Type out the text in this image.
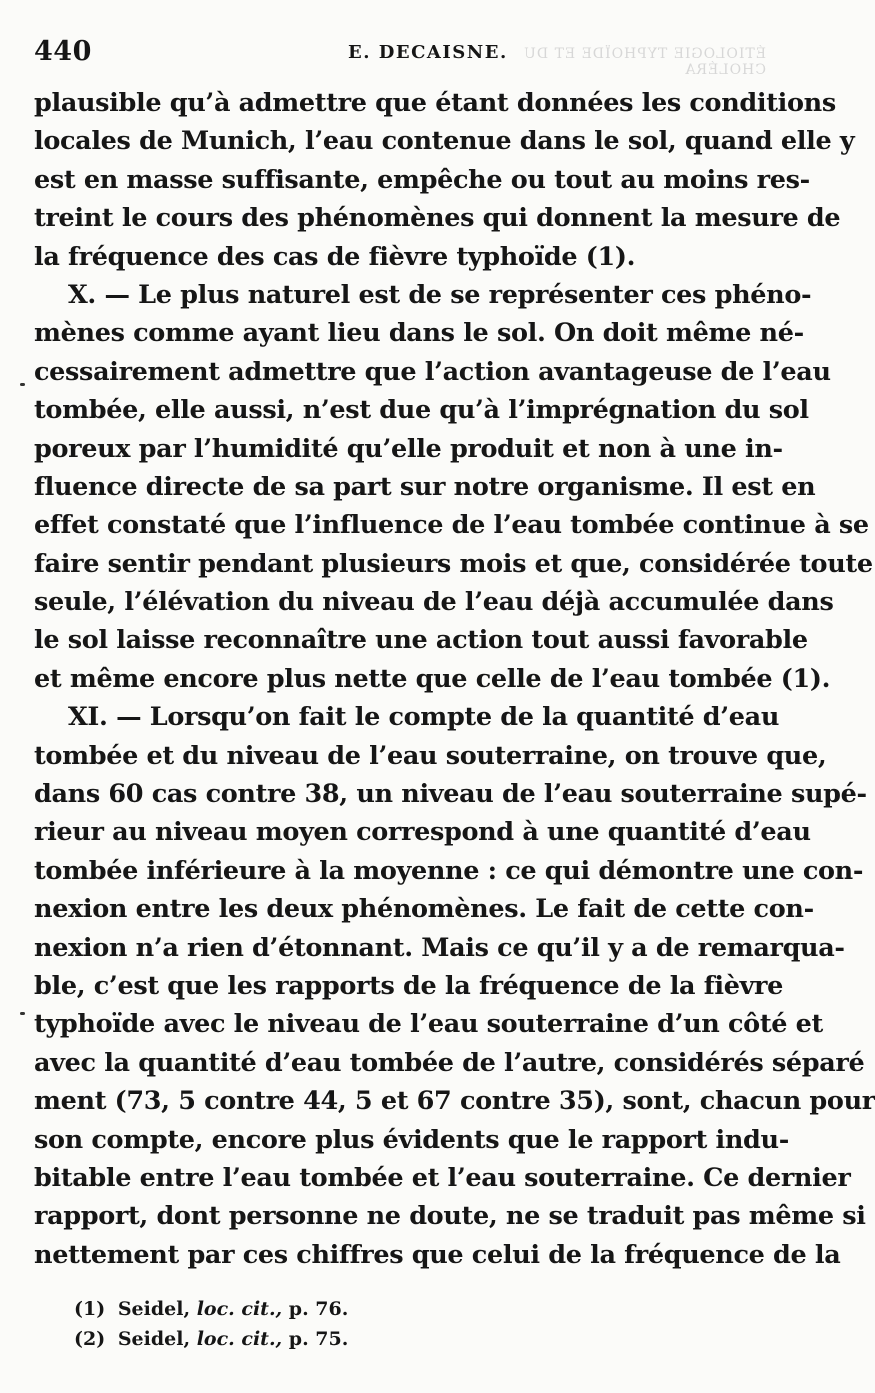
440	E. DECAISNE.	ÉTIOLOGIE TYPHOÏDE ET DU CHOLÉRA
plausible qu’à admettre que étant données les conditions
locales de Munich, l’eau contenue dans le sol, quand elle y
est en masse suffisante, empêche ou tout au moins res-
treint le cours des phénomènes qui donnent la mesure de
la fréquence des cas de fièvre typhoïde (1).
X. — Le plus naturel est de se représenter ces phéno-
mènes comme ayant lieu dans le sol. On doit même né-
cessairement admettre que l’action avantageuse de l’eau
tombée, elle aussi, n’est due qu’à l’imprégnation du sol
poreux par l’humidité qu’elle produit et non à une in-
fluence directe de sa part sur notre organisme. Il est en
effet constaté que l’influence de l’eau tombée continue à se
faire sentir pendant plusieurs mois et que, considérée toute
seule, l’élévation du niveau de l’eau déjà accumulée dans
le sol laisse reconnaître une action tout aussi favorable
et même encore plus nette que celle de l’eau tombée (1).
XI. — Lorsqu’on fait le compte de la quantité d’eau
tombée et du niveau de l’eau souterraine, on trouve que,
dans 60 cas contre 38, un niveau de l’eau souterraine supé-
rieur au niveau moyen correspond à une quantité d’eau
tombée inférieure à la moyenne : ce qui démontre une con-
nexion entre les deux phénomènes. Le fait de cette con-
nexion n’a rien d’étonnant. Mais ce qu’il y a de remarqua-
ble, c’est que les rapports de la fréquence de la fièvre
typhoïde avec le niveau de l’eau souterraine d’un côté et
avec la quantité d’eau tombée de l’autre, considérés séparé
ment (73, 5 contre 44, 5 et 67 contre 35), sont, chacun pour
son compte, encore plus évidents que le rapport indu-
bitable entre l’eau tombée et l’eau souterraine. Ce dernier
rapport, dont personne ne doute, ne se traduit pas même si
nettement par ces chiffres que celui de la fréquence de la
(1) Seidel, loc. cit., p. 76.
(2) Seidel, loc. cit., p. 75.
